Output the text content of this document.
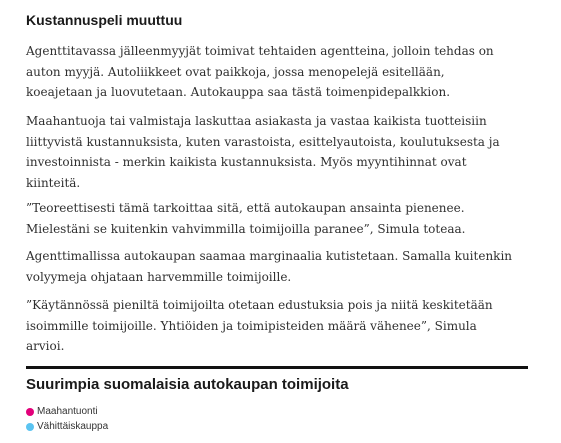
Kustannuspeli muuttuu

Agenttitavassa jälleenmyyjät toimivat tehtaiden agentteina, jolloin tehdas on
auton myyjä. Autoliikkeet ovat paikkoja, jossa menopelejä esitellään,
koeajetaan ja luovutetaan. Autokauppa saa tästä toimenpidepalkkion.

Maahantuoja tai valmistaja laskuttaa asiakasta ja vastaa kaikista tuotteisiin
liittyvistä kustannuksista, kuten varastoista, esittelyautoista, koulutuksesta ja
investoinnista - merkin kaikista kustannuksista. Myös myyntihinnat ovat
kiinteitä.

”Teoreettisesti tämä tarkoittaa sitä, että autokaupan ansainta pienenee.
Mielestäni se kuitenkin vahvimmilla toimijoilla paranee”, Simula toteaa.

Agenttimallissa autokaupan saamaa marginaalia kutistetaan. Samalla kuitenkin
volyymeja ohjataan harvemmille toimijoille.

”Käytännössä pieniltä toimijoilta otetaan edustuksia pois ja niitä keskitetään
isoimmille toimijoille. Yhtiöiden ja toimipisteiden määrä vähenee”, Simula
arvioi.

Suurimpia suomalaisia autokaupan toimijoita
Maahantuonti
Vähittäiskauppa
